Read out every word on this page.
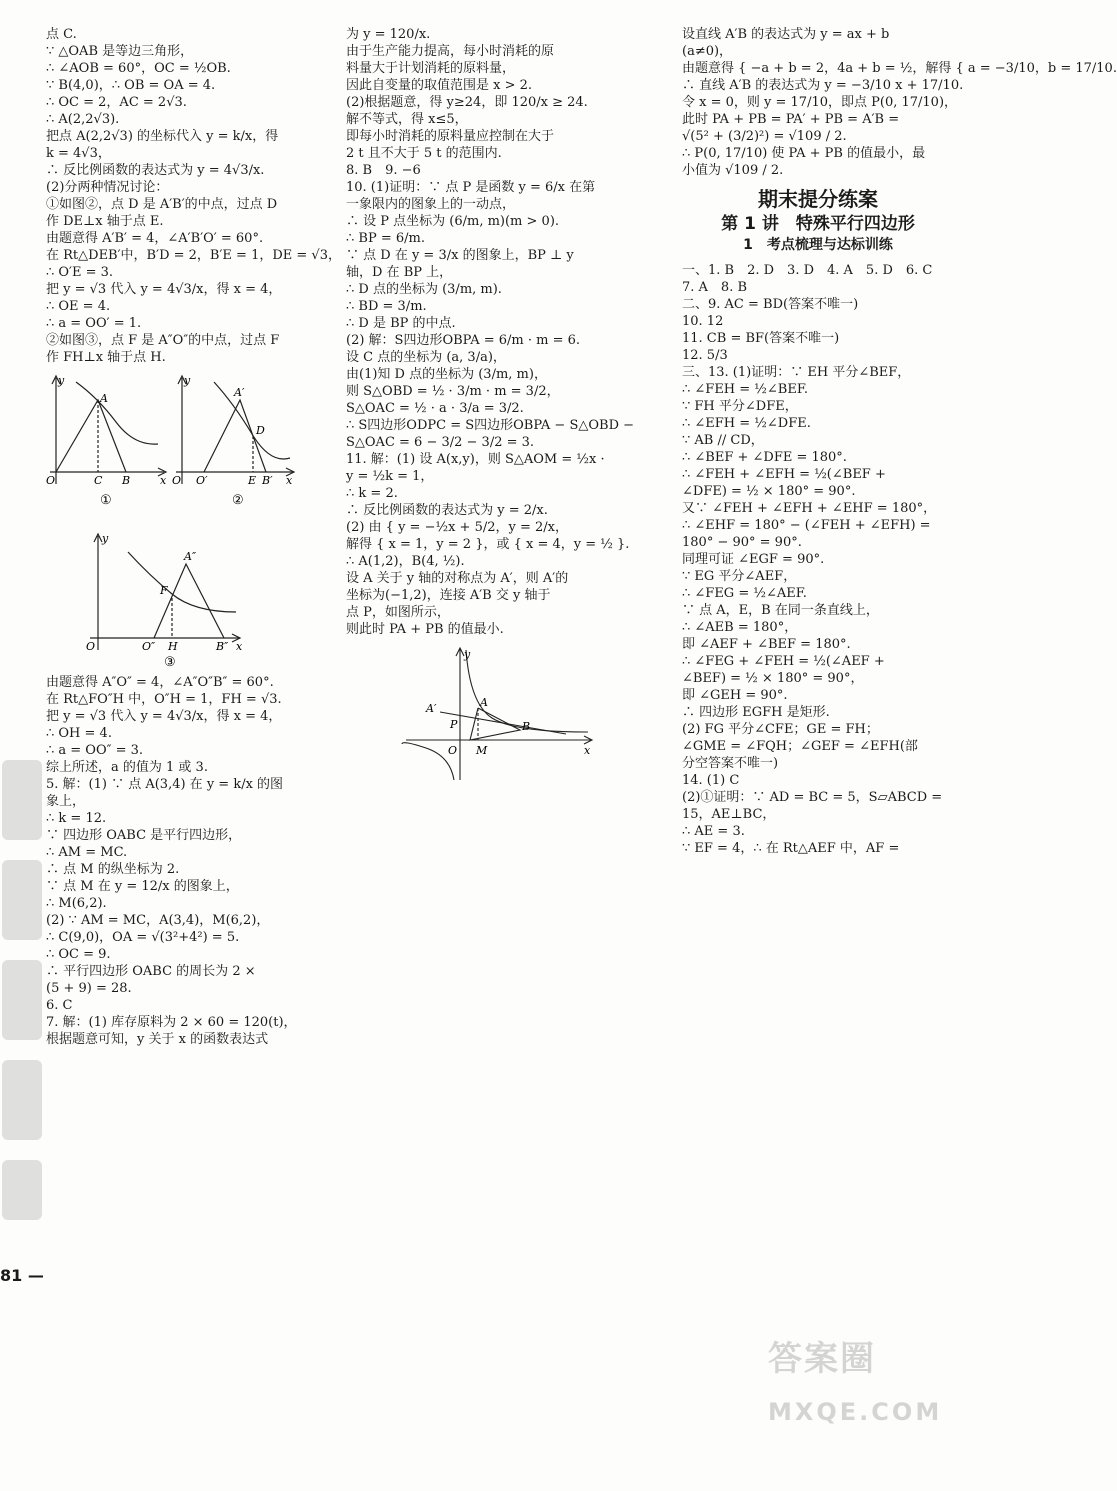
点 C.
∵ △OAB 是等边三角形，
∴ ∠AOB = 60°，OC = ½OB.
∵ B(4,0)，∴ OB = OA = 4.
∴ OC = 2，AC = 2√3.
∴ A(2,2√3).
把点 A(2,2√3) 的坐标代入 y = k/x，得
k = 4√3，
∴ 反比例函数的表达式为 y = 4√3/x.
(2)分两种情况讨论：
①如图②，点 D 是 A′B′的中点，过点 D
作 DE⊥x 轴于点 E.
由题意得 A′B′ = 4，∠A′B′O′ = 60°.
在 Rt△DEB′中，B′D = 2，B′E = 1，DE = √3，
∴ O′E = 3.
把 y = √3 代入 y = 4√3/x，得 x = 4，
∴ OE = 4.
∴ a = OO′ = 1.
②如图③，点 F 是 A″O″的中点，过点 F
作 FH⊥x 轴于点 H.
y
x
O
A
C B
①
y
x
O O′
A′
D
E B′
②
y
x
O	O″
A″
F
H	B″
③
由题意得 A″O″ = 4，∠A″O″B″ = 60°.
在 Rt△FO″H 中，O″H = 1，FH = √3.
把 y = √3 代入 y = 4√3/x，得 x = 4，
∴ OH = 4.
∴ a = OO″ = 3.
综上所述，a 的值为 1 或 3.
5. 解：(1) ∵ 点 A(3,4) 在 y = k/x 的图
象上，
∴ k = 12.
∵ 四边形 OABC 是平行四边形，
∴ AM = MC.
∴ 点 M 的纵坐标为 2.
∵ 点 M 在 y = 12/x 的图象上，
∴ M(6,2).
(2) ∵ AM = MC，A(3,4)，M(6,2)，
∴ C(9,0)，OA = √(3²+4²) = 5.
∴ OC = 9.
∴ 平行四边形 OABC 的周长为 2 ×
(5 + 9) = 28.
6. C
7. 解：(1) 库存原料为 2 × 60 = 120(t)，
根据题意可知，y 关于 x 的函数表达式
为 y = 120/x.
由于生产能力提高，每小时消耗的原
料量大于计划消耗的原料量，
因此自变量的取值范围是 x > 2.
(2)根据题意，得 y≥24，即 120/x ≥ 24.
解不等式，得 x≤5，
即每小时消耗的原料量应控制在大于
2 t 且不大于 5 t 的范围内.
8. B　9. −6
10. (1)证明：∵ 点 P 是函数 y = 6/x 在第
一象限内的图象上的一动点，
∴ 设 P 点坐标为 (6/m, m)(m > 0).
∴ BP = 6/m.
∵ 点 D 在 y = 3/x 的图象上，BP ⊥ y
轴，D 在 BP 上，
∴ D 点的坐标为 (3/m, m).
∴ BD = 3/m.
∴ D 是 BP 的中点.
(2) 解：S四边形OBPA = 6/m · m = 6.
设 C 点的坐标为 (a, 3/a)，
由(1)知 D 点的坐标为 (3/m, m)，
则 S△OBD = ½ · 3/m · m = 3/2，
S△OAC = ½ · a · 3/a = 3/2.
∴ S四边形ODPC = S四边形OBPA − S△OBD −
S△OAC = 6 − 3/2 − 3/2 = 3.
11. 解：(1) 设 A(x,y)，则 S△AOM = ½x ·
y = ½k = 1，
∴ k = 2.
∴ 反比例函数的表达式为 y = 2/x.
(2) 由 { y = −½x + 5/2，y = 2/x，
解得 { x = 1，y = 2 }，或 { x = 4，y = ½ }.
∴ A(1,2)，B(4, ½).
设 A 关于 y 轴的对称点为 A′，则 A′的
坐标为(−1,2)，连接 A′B 交 y 轴于
点 P，如图所示，
则此时 PA + PB 的值最小.
y
x
O
A
A′
P	B
M
设直线 A′B 的表达式为 y = ax + b
(a≠0)，
由题意得 { −a + b = 2，4a + b = ½，解得 { a = −3/10，b = 17/10.
∴ 直线 A′B 的表达式为 y = −3/10 x + 17/10.
令 x = 0，则 y = 17/10，即点 P(0, 17/10)，
此时 PA + PB = PA′ + PB = A′B =
√(5² + (3/2)²) = √109 / 2.
∴ P(0, 17/10) 使 PA + PB 的值最小，最
小值为 √109 / 2.
期末提分练案
第 1 讲　特殊平行四边形
1　考点梳理与达标训练
一、1. B　2. D　3. D　4. A　5. D　6. C
7. A　8. B
二、9. AC = BD(答案不唯一)
10. 12
11. CB = BF(答案不唯一)
12. 5/3
三、13. (1)证明：∵ EH 平分∠BEF，
∴ ∠FEH = ½∠BEF.
∵ FH 平分∠DFE，
∴ ∠EFH = ½∠DFE.
∵ AB // CD，
∴ ∠BEF + ∠DFE = 180°.
∴ ∠FEH + ∠EFH = ½(∠BEF +
∠DFE) = ½ × 180° = 90°.
又∵ ∠FEH + ∠EFH + ∠EHF = 180°，
∴ ∠EHF = 180° − (∠FEH + ∠EFH) =
180° − 90° = 90°.
同理可证 ∠EGF = 90°.
∵ EG 平分∠AEF，
∴ ∠FEG = ½∠AEF.
∵ 点 A，E，B 在同一条直线上，
∴ ∠AEB = 180°，
即 ∠AEF + ∠BEF = 180°.
∴ ∠FEG + ∠FEH = ½(∠AEF +
∠BEF) = ½ × 180° = 90°，
即 ∠GEH = 90°.
∴ 四边形 EGFH 是矩形.
(2) FG 平分∠CFE；GE = FH；
∠GME = ∠FQH；∠GEF = ∠EFH(部
分空答案不唯一)
14. (1) C
(2)①证明：∵ AD = BC = 5，S▱ABCD =
15，AE⊥BC，
∴ AE = 3.
∵ EF = 4，∴ 在 Rt△AEF 中，AF =
81 —
答案圈
MXQE.COM
